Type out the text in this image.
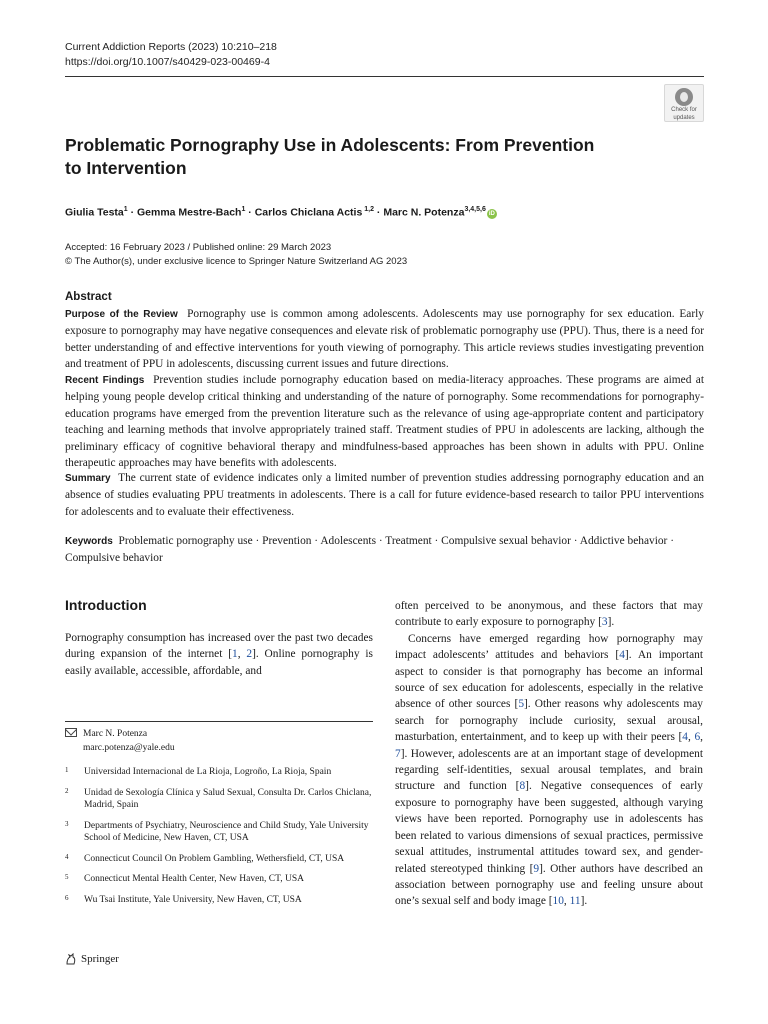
Current Addiction Reports (2023) 10:210–218
https://doi.org/10.1007/s40429-023-00469-4
Check for
updates
Problematic Pornography Use in Adolescents: From Prevention
to Intervention
Giulia Testa$^1$ · Gemma Mestre‑Bach$^1$ · Carlos Chiclana Actis $^{1,2}$ · Marc N. Potenza$^{3,4,5,6}$iD
Accepted: 16 February 2023 / Published online: 29 March 2023
© The Author(s), under exclusive licence to Springer Nature Switzerland AG 2023
Abstract
Purpose of the Review Pornography use is common among adolescents. Adolescents may use pornography for sex education. Early exposure to pornography may have negative consequences and elevate risk of problematic pornography use (PPU). Thus, there is a need for better understanding of and effective interventions for youth viewing of pornography. This article reviews studies investigating prevention and treatment of PPU in adolescents, discussing current issues and future directions.
Recent Findings Prevention studies include pornography education based on media-literacy approaches. These programs are aimed at helping young people develop critical thinking and understanding of the nature of pornography. Some recommendations for pornography-education programs have emerged from the prevention literature such as the relevance of using age-appropriate content and participatory teaching and learning methods that involve appropriately trained staff. Treatment studies of PPU in adolescents are lacking, although the preliminary efficacy of cognitive behavioral therapy and mindfulness-based approaches has been shown in adults with PPU. Online therapeutic approaches may have benefits with adolescents.
Summary The current state of evidence indicates only a limited number of prevention studies addressing pornography education and an absence of studies evaluating PPU treatments in adolescents. There is a call for future evidence-based research to tailor PPU interventions for adolescents and to evaluate their effectiveness.
Keywords Problematic pornography use · Prevention · Adolescents · Treatment · Compulsive sexual behavior · Addictive behavior · Compulsive behavior
Introduction
Pornography consumption has increased over the past two decades during expansion of the internet [1, 2]. Online pornography is easily available, accessible, affordable, and
often perceived to be anonymous, and these factors that may contribute to early exposure to pornography [3].
Concerns have emerged regarding how pornography may impact adolescents’ attitudes and behaviors [4]. An important aspect to consider is that pornography has become an informal source of sex education for adolescents, especially in the relative absence of other sources [5]. Other reasons why adolescents may search for pornography include curiosity, sexual arousal, masturbation, entertainment, and to keep up with their peers [4, 6, 7]. However, adolescents are at an important stage of development regarding self-identities, sexual arousal templates, and brain structure and function [8]. Negative consequences of early exposure to pornography have been suggested, although varying views have been reported. Pornography use in adolescents has been related to various dimensions of sexual practices, permissive sexual attitudes, instrumental attitudes toward sex, and gender-related stereotyped thinking [9]. Other authors have described an association between pornography use and feeling unsure about one’s sexual self and body image [10, 11].
Marc N. Potenza
marc.potenza@yale.edu
1 Universidad Internacional de La Rioja, Logroño, La Rioja, Spain
2 Unidad de Sexología Clínica y Salud Sexual, Consulta Dr. Carlos Chiclana, Madrid, Spain
3 Departments of Psychiatry, Neuroscience and Child Study, Yale University School of Medicine, New Haven, CT, USA
4 Connecticut Council On Problem Gambling, Wethersfield, CT, USA
5 Connecticut Mental Health Center, New Haven, CT, USA
6 Wu Tsai Institute, Yale University, New Haven, CT, USA
Springer
